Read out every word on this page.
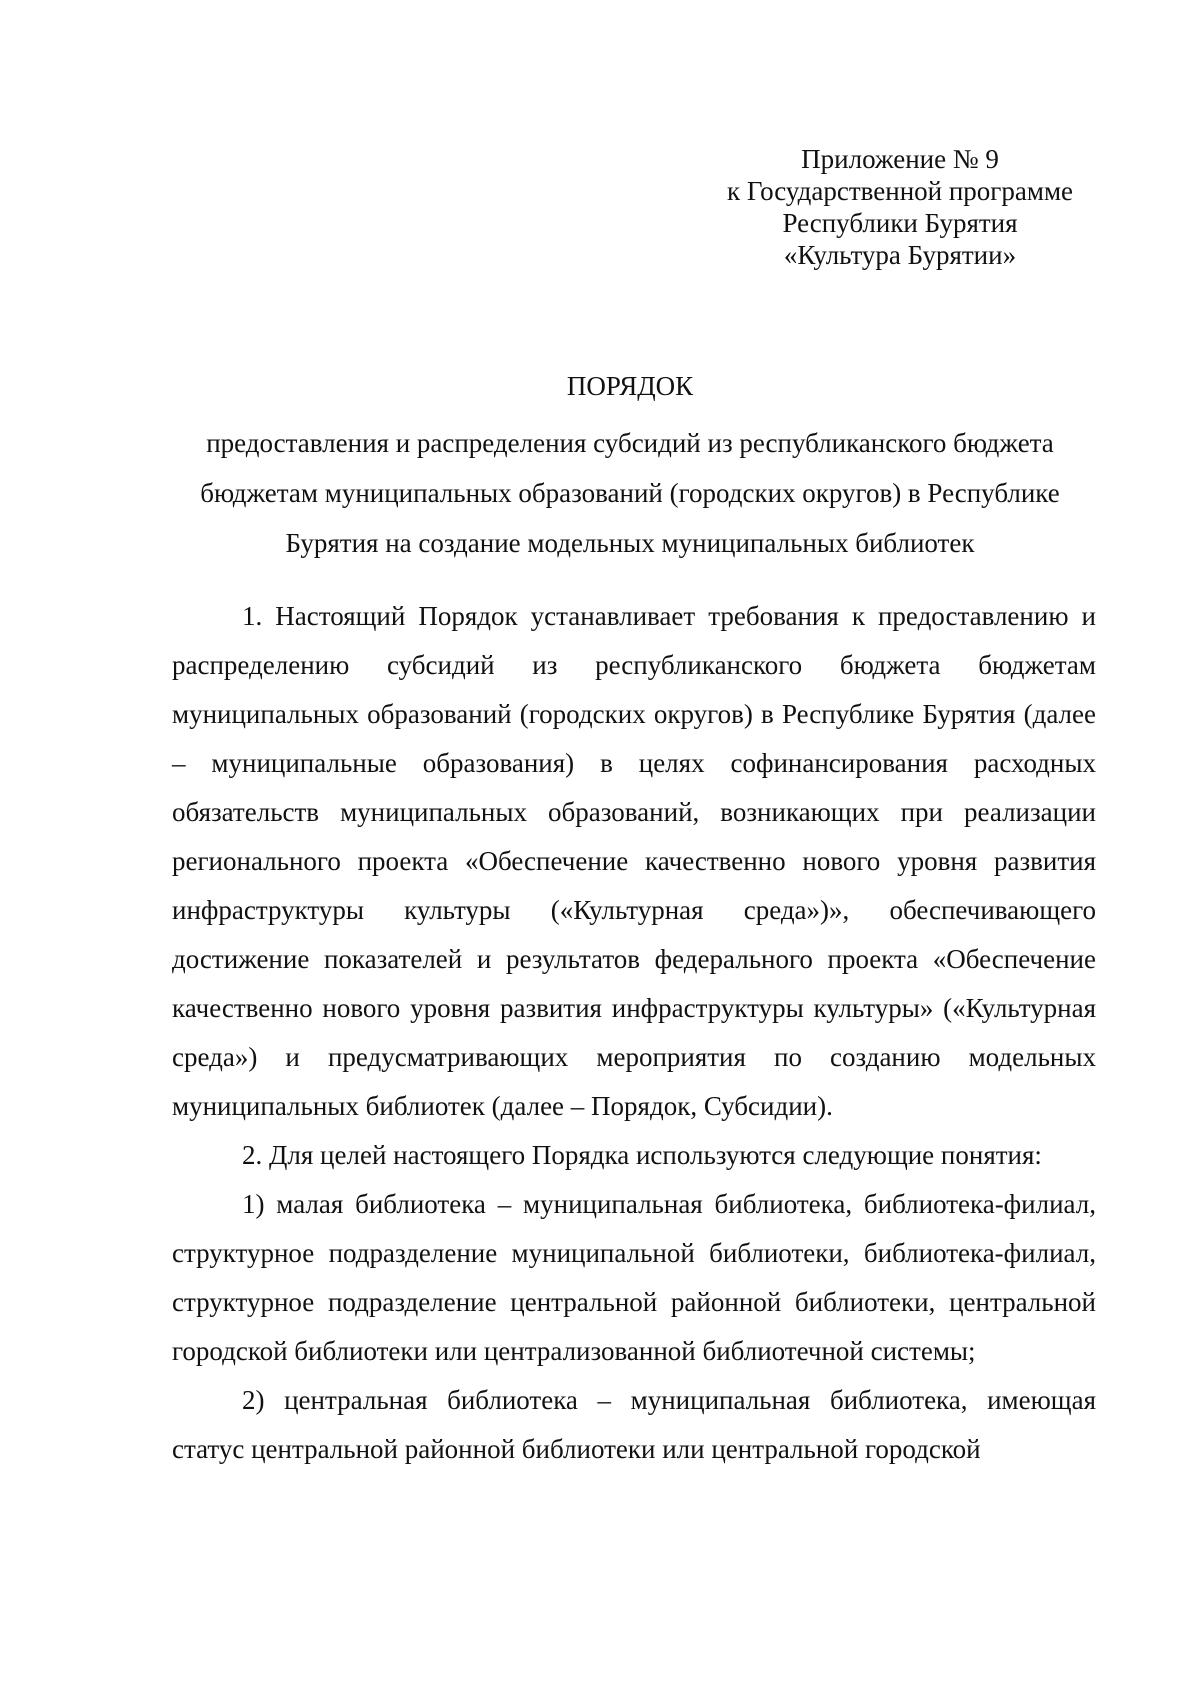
Приложение № 9
к Государственной программе
Республики Бурятия
«Культура Бурятии»
ПОРЯДОК
предоставления и распределения субсидий из республиканского бюджета
бюджетам муниципальных образований (городских округов) в Республике
Бурятия на создание модельных муниципальных библиотек

1. Настоящий Порядок устанавливает требования к предоставлению и распределению субсидий из республиканского бюджета бюджетам муниципальных образований (городских округов) в Республике Бурятия (далее – муниципальные образования) в целях софинансирования расходных обязательств муниципальных образований, возникающих при реализации регионального проекта «Обеспечение качественно нового уровня развития инфраструктуры культуры («Культурная среда»)», обеспечивающего достижение показателей и результатов федерального проекта «Обеспечение качественно нового уровня развития инфраструктуры культуры» («Культурная среда») и предусматривающих мероприятия по созданию модельных муниципальных библиотек (далее – Порядок, Субсидии).

2. Для целей настоящего Порядка используются следующие понятия:

1) малая библиотека – муниципальная библиотека, библиотека-филиал, структурное подразделение муниципальной библиотеки, библиотека-филиал, структурное подразделение центральной районной библиотеки, центральной городской библиотеки или централизованной библиотечной системы;

2) центральная библиотека – муниципальная библиотека, имеющая статус центральной районной библиотеки или центральной городской
